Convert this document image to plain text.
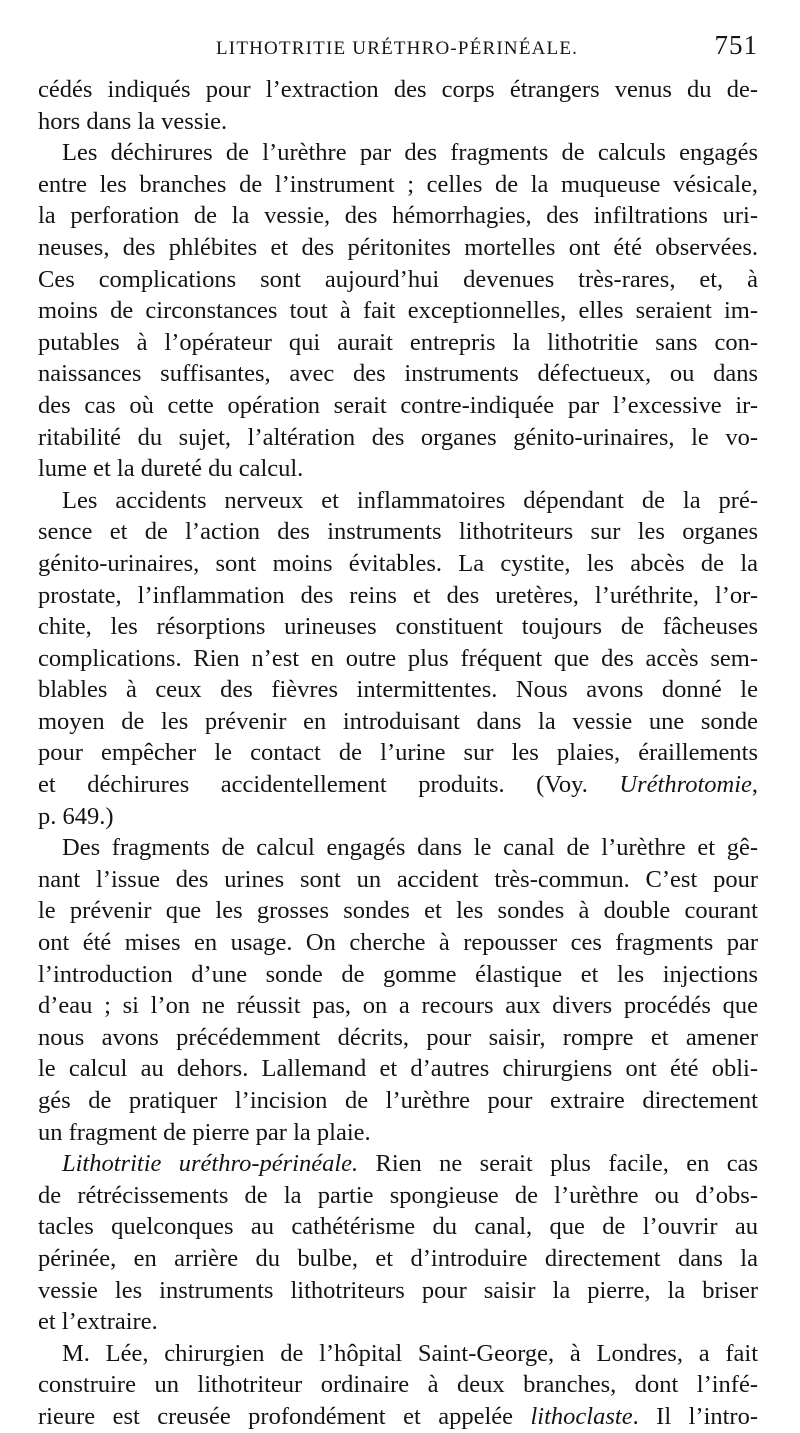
LITHOTRITIE URÉTHRO-PÉRINÉALE.	751
cédés indiqués pour l’extraction des corps étrangers venus du de-
hors dans la vessie.
Les déchirures de l’urèthre par des fragments de calculs engagés
entre les branches de l’instrument ; celles de la muqueuse vésicale,
la perforation de la vessie, des hémorrhagies, des infiltrations uri-
neuses, des phlébites et des péritonites mortelles ont été observées.
Ces complications sont aujourd’hui devenues très-rares, et, à
moins de circonstances tout à fait exceptionnelles, elles seraient im-
putables à l’opérateur qui aurait entrepris la lithotritie sans con-
naissances suffisantes, avec des instruments défectueux, ou dans
des cas où cette opération serait contre-indiquée par l’excessive ir-
ritabilité du sujet, l’altération des organes génito-urinaires, le vo-
lume et la dureté du calcul.
Les accidents nerveux et inflammatoires dépendant de la pré-
sence et de l’action des instruments lithotriteurs sur les organes
génito-urinaires, sont moins évitables. La cystite, les abcès de la
prostate, l’inflammation des reins et des uretères, l’uréthrite, l’or-
chite, les résorptions urineuses constituent toujours de fâcheuses
complications. Rien n’est en outre plus fréquent que des accès sem-
blables à ceux des fièvres intermittentes. Nous avons donné le
moyen de les prévenir en introduisant dans la vessie une sonde
pour empêcher le contact de l’urine sur les plaies, éraillements
et déchirures accidentellement produits. (Voy. Uréthrotomie,
p. 649.)
Des fragments de calcul engagés dans le canal de l’urèthre et gê-
nant l’issue des urines sont un accident très-commun. C’est pour
le prévenir que les grosses sondes et les sondes à double courant
ont été mises en usage. On cherche à repousser ces fragments par
l’introduction d’une sonde de gomme élastique et les injections
d’eau ; si l’on ne réussit pas, on a recours aux divers procédés que
nous avons précédemment décrits, pour saisir, rompre et amener
le calcul au dehors. Lallemand et d’autres chirurgiens ont été obli-
gés de pratiquer l’incision de l’urèthre pour extraire directement
un fragment de pierre par la plaie.
Lithotritie uréthro-périnéale. Rien ne serait plus facile, en cas
de rétrécissements de la partie spongieuse de l’urèthre ou d’obs-
tacles quelconques au cathétérisme du canal, que de l’ouvrir au
périnée, en arrière du bulbe, et d’introduire directement dans la
vessie les instruments lithotriteurs pour saisir la pierre, la briser
et l’extraire.
M. Lée, chirurgien de l’hôpital Saint-George, à Londres, a fait
construire un lithotriteur ordinaire à deux branches, dont l’infé-
rieure est creusée profondément et appelée lithoclaste. Il l’intro-
